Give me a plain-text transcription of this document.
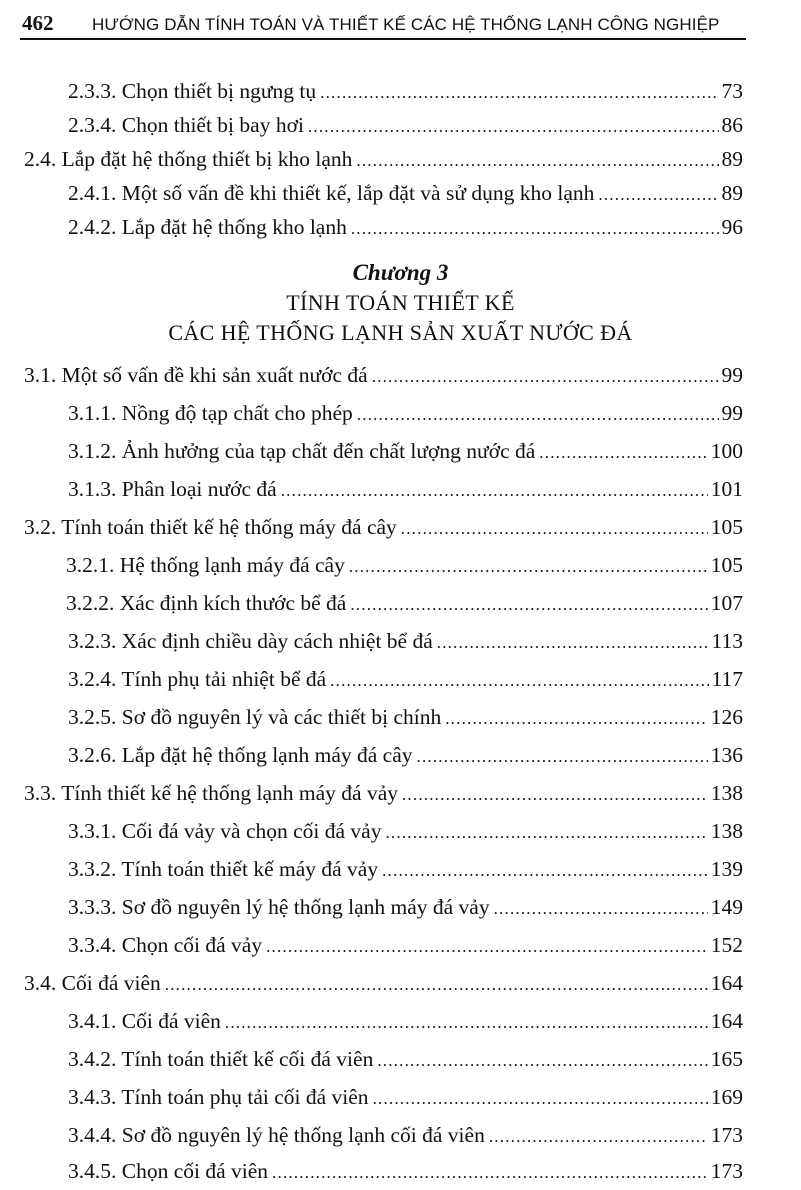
462 HƯỚNG DẪN TÍNH TOÁN VÀ THIẾT KẾ CÁC HỆ THỐNG LẠNH CÔNG NGHIỆP
2.3.3. Chọn thiết bị ngưng tụ .....	73
2.3.4. Chọn thiết bị bay hơi .....	86
2.4. Lắp đặt hệ thống thiết bị kho lạnh .....	89
2.4.1. Một số vấn đề khi thiết kế, lắp đặt và sử dụng kho lạnh .....	89
2.4.2. Lắp đặt hệ thống kho lạnh .....	96
Chương 3
TÍNH TOÁN THIẾT KẾ
CÁC HỆ THỐNG LẠNH SẢN XUẤT NƯỚC ĐÁ
3.1. Một số vấn đề khi sản xuất nước đá .....	99
3.1.1. Nồng độ tạp chất cho phép .....	99
3.1.2. Ảnh hưởng của tạp chất đến chất lượng nước đá .....	100
3.1.3. Phân loại nước đá .....	101
3.2. Tính toán thiết kế hệ thống máy đá cây .....	105
3.2.1. Hệ thống lạnh máy đá cây .....	105
3.2.2. Xác định kích thước bể đá .....	107
3.2.3. Xác định chiều dày cách nhiệt bể đá .....	113
3.2.4. Tính phụ tải nhiệt bể đá .....	117
3.2.5. Sơ đồ nguyên lý và các thiết bị chính .....	126
3.2.6. Lắp đặt hệ thống lạnh máy đá cây .....	136
3.3. Tính thiết kế hệ thống lạnh máy đá vảy .....	138
3.3.1. Cối đá vảy và chọn cối đá vảy .....	138
3.3.2. Tính toán thiết kế máy đá vảy .....	139
3.3.3. Sơ đồ nguyên lý hệ thống lạnh máy đá vảy .....	149
3.3.4. Chọn cối đá vảy .....	152
3.4. Cối đá viên .....	164
3.4.1. Cối đá viên .....	164
3.4.2. Tính toán thiết kế cối đá viên .....	165
3.4.3. Tính toán phụ tải cối đá viên .....	169
3.4.4. Sơ đồ nguyên lý hệ thống lạnh cối đá viên .....	173
3.4.5. Chọn cối đá viên .....	173
